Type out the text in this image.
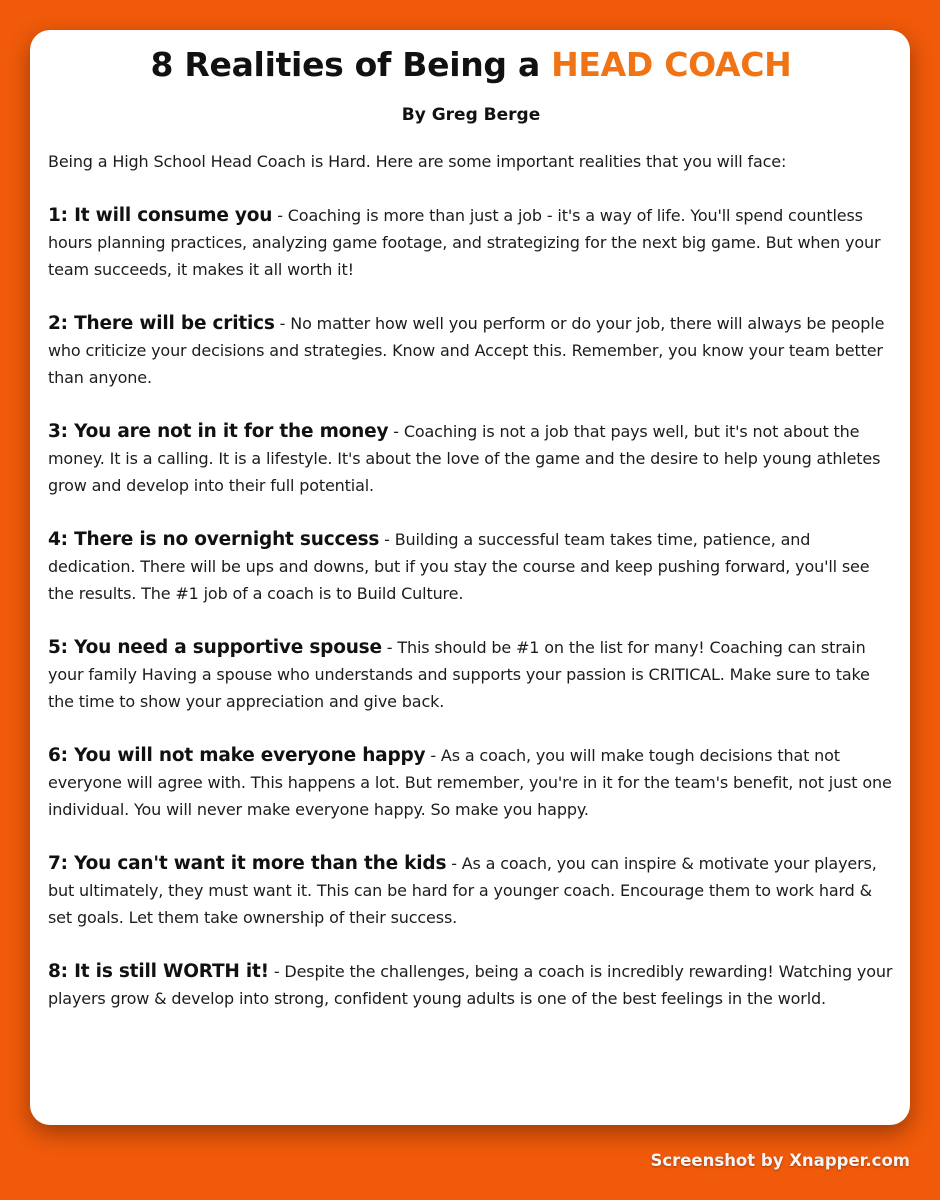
8 Realities of Being a HEAD COACH
By Greg Berge
Being a High School Head Coach is Hard. Here are some important realities that you will face:
1: It will consume you - Coaching is more than just a job - it's a way of life. You'll spend countless hours planning practices, analyzing game footage, and strategizing for the next big game. But when your team succeeds, it makes it all worth it!
2: There will be critics - No matter how well you perform or do your job, there will always be people who criticize your decisions and strategies. Know and Accept this. Remember, you know your team better than anyone.
3: You are not in it for the money - Coaching is not a job that pays well, but it's not about the money. It is a calling. It is a lifestyle. It's about the love of the game and the desire to help young athletes grow and develop into their full potential.
4: There is no overnight success - Building a successful team takes time, patience, and dedication. There will be ups and downs, but if you stay the course and keep pushing forward, you'll see the results. The #1 job of a coach is to Build Culture.
5: You need a supportive spouse - This should be #1 on the list for many! Coaching can strain your family Having a spouse who understands and supports your passion is CRITICAL. Make sure to take the time to show your appreciation and give back.
6: You will not make everyone happy - As a coach, you will make tough decisions that not everyone will agree with. This happens a lot. But remember, you're in it for the team's benefit, not just one individual. You will never make everyone happy. So make you happy.
7: You can't want it more than the kids - As a coach, you can inspire & motivate your players, but ultimately, they must want it. This can be hard for a younger coach. Encourage them to work hard & set goals. Let them take ownership of their success.
8: It is still WORTH it! - Despite the challenges, being a coach is incredibly rewarding! Watching your players grow & develop into strong, confident young adults is one of the best feelings in the world.
Screenshot by Xnapper.com
